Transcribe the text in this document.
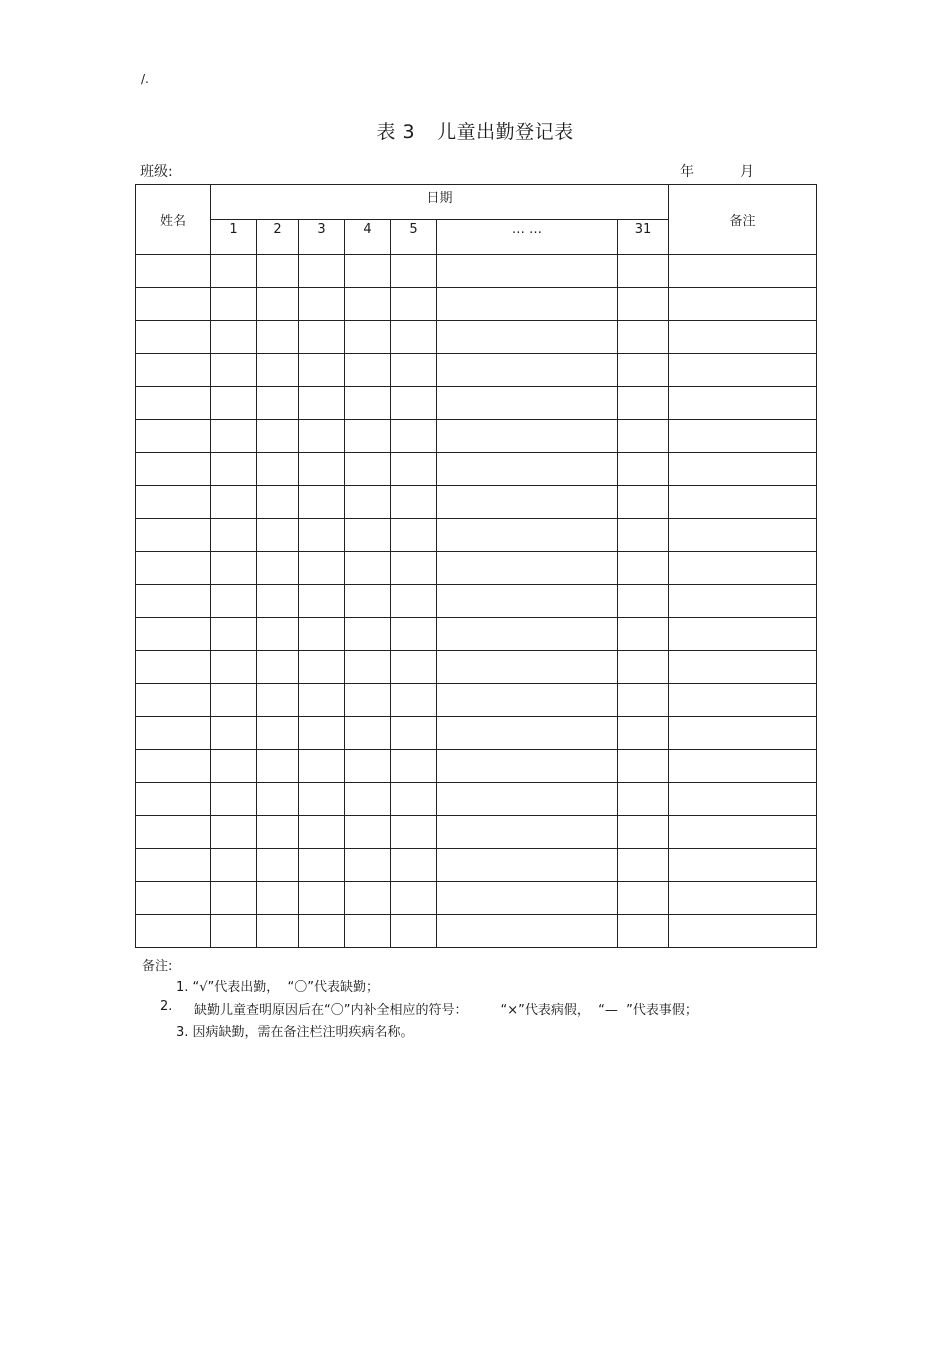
/.
表 3 儿童出勤登记表
班级:	年	月
姓名	日期							备注
	1	2	3	4	5	… …	31	

备注:
1. “√”代表出勤，  “〇”代表缺勤；
2. 缺勤儿童查明原因后在“〇”内补全相应的符号：        “×”代表病假，  “—  ”代表事假；
3. 因病缺勤，需在备注栏注明疾病名称。
